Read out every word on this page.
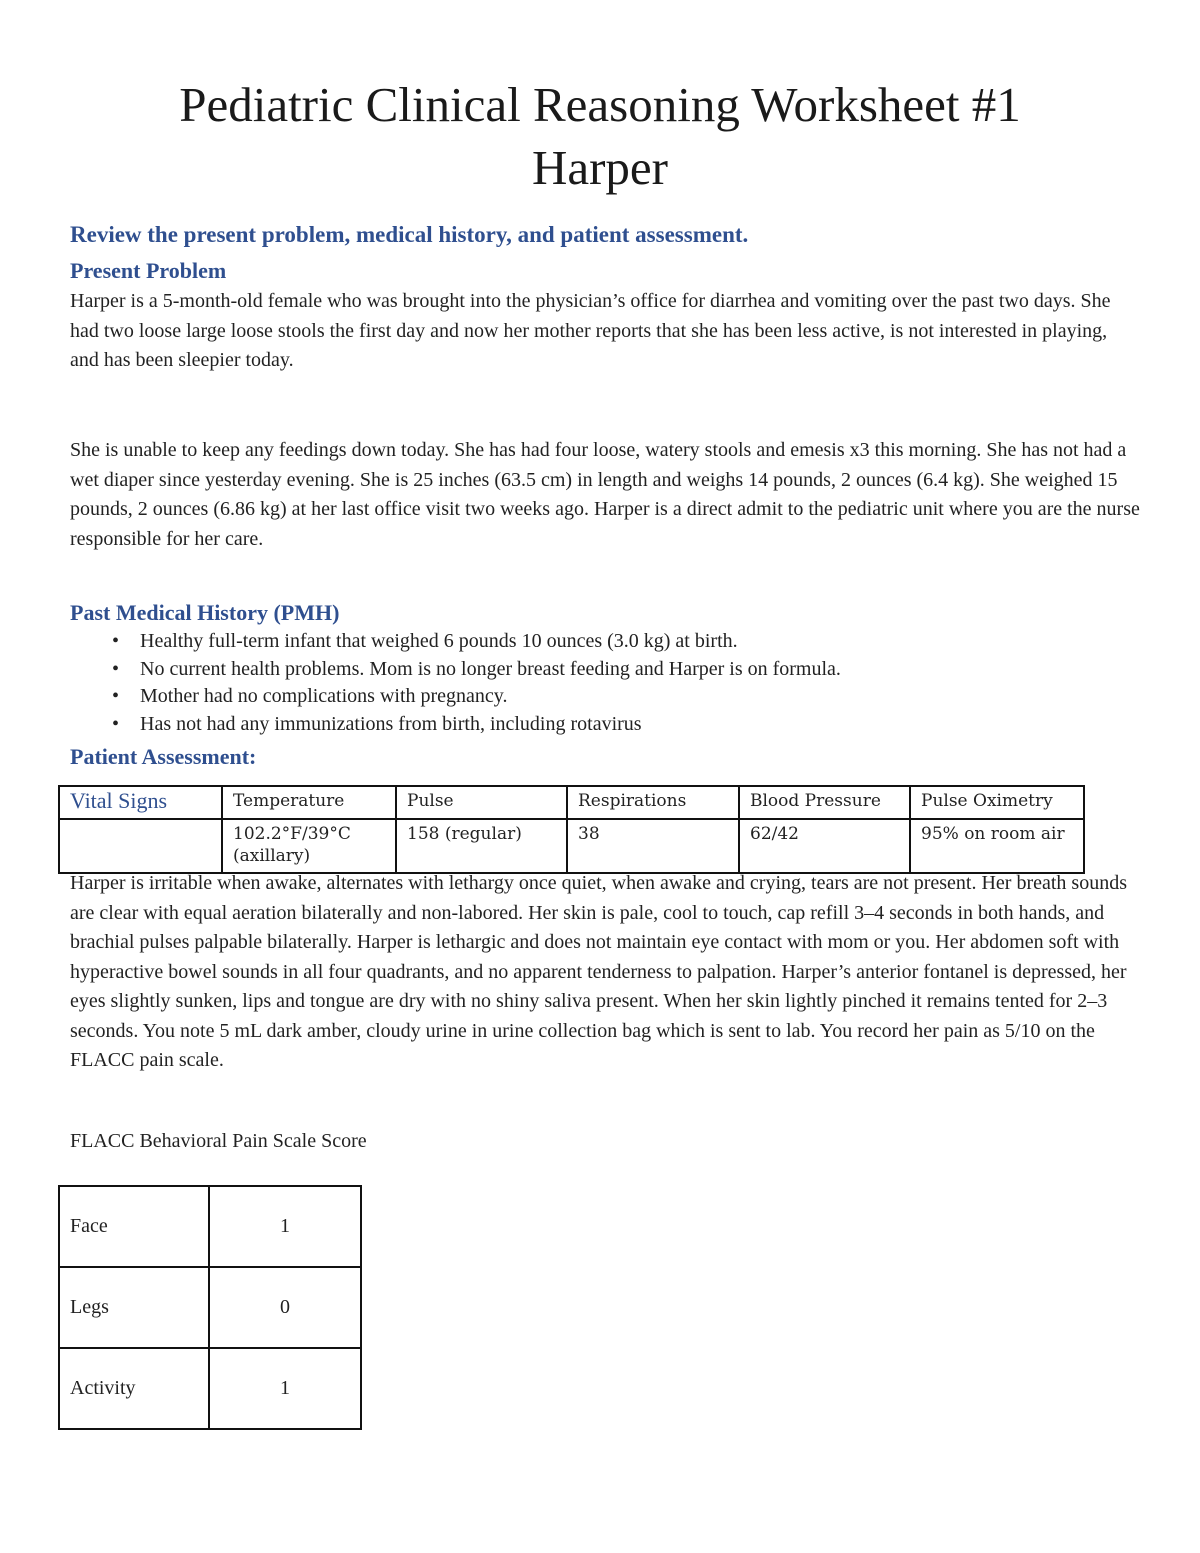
Pediatric Clinical Reasoning Worksheet #1
Harper
Review the present problem, medical history, and patient assessment.
Present Problem

Harper is a 5-month-old female who was brought into the physician’s office for diarrhea and vomiting over the past two days. She had two loose large loose stools the first day and now her mother reports that she has been less active, is not interested in playing, and has been sleepier today.

She is unable to keep any feedings down today. She has had four loose, watery stools and emesis x3 this morning. She has not had a wet diaper since yesterday evening. She is 25 inches (63.5 cm) in length and weighs 14 pounds, 2 ounces (6.4 kg). She weighed 15 pounds, 2 ounces (6.86 kg) at her last office visit two weeks ago. Harper is a direct admit to the pediatric unit where you are the nurse responsible for her care.

Past Medical History (PMH)
• Healthy full-term infant that weighed 6 pounds 10 ounces (3.0 kg) at birth.
• No current health problems. Mom is no longer breast feeding and Harper is on formula.
• Mother had no complications with pregnancy.
• Has not had any immunizations from birth, including rotavirus
Patient Assessment:
Vital Signs	Temperature	Pulse	Respirations	Blood Pressure	Pulse Oximetry
	102.2°F/39°C (axillary)	158 (regular)	38	62/42	95% on room air

Harper is irritable when awake, alternates with lethargy once quiet, when awake and crying, tears are not present. Her breath sounds are clear with equal aeration bilaterally and non-labored. Her skin is pale, cool to touch, cap refill 3–4 seconds in both hands, and brachial pulses palpable bilaterally. Harper is lethargic and does not maintain eye contact with mom or you. Her abdomen soft with hyperactive bowel sounds in all four quadrants, and no apparent tenderness to palpation. Harper’s anterior fontanel is depressed, her eyes slightly sunken, lips and tongue are dry with no shiny saliva present. When her skin lightly pinched it remains tented for 2–3 seconds. You note 5 mL dark amber, cloudy urine in urine collection bag which is sent to lab. You record her pain as 5/10 on the FLACC pain scale.

FLACC Behavioral Pain Scale Score
Face	1
Legs	0
Activity	1
